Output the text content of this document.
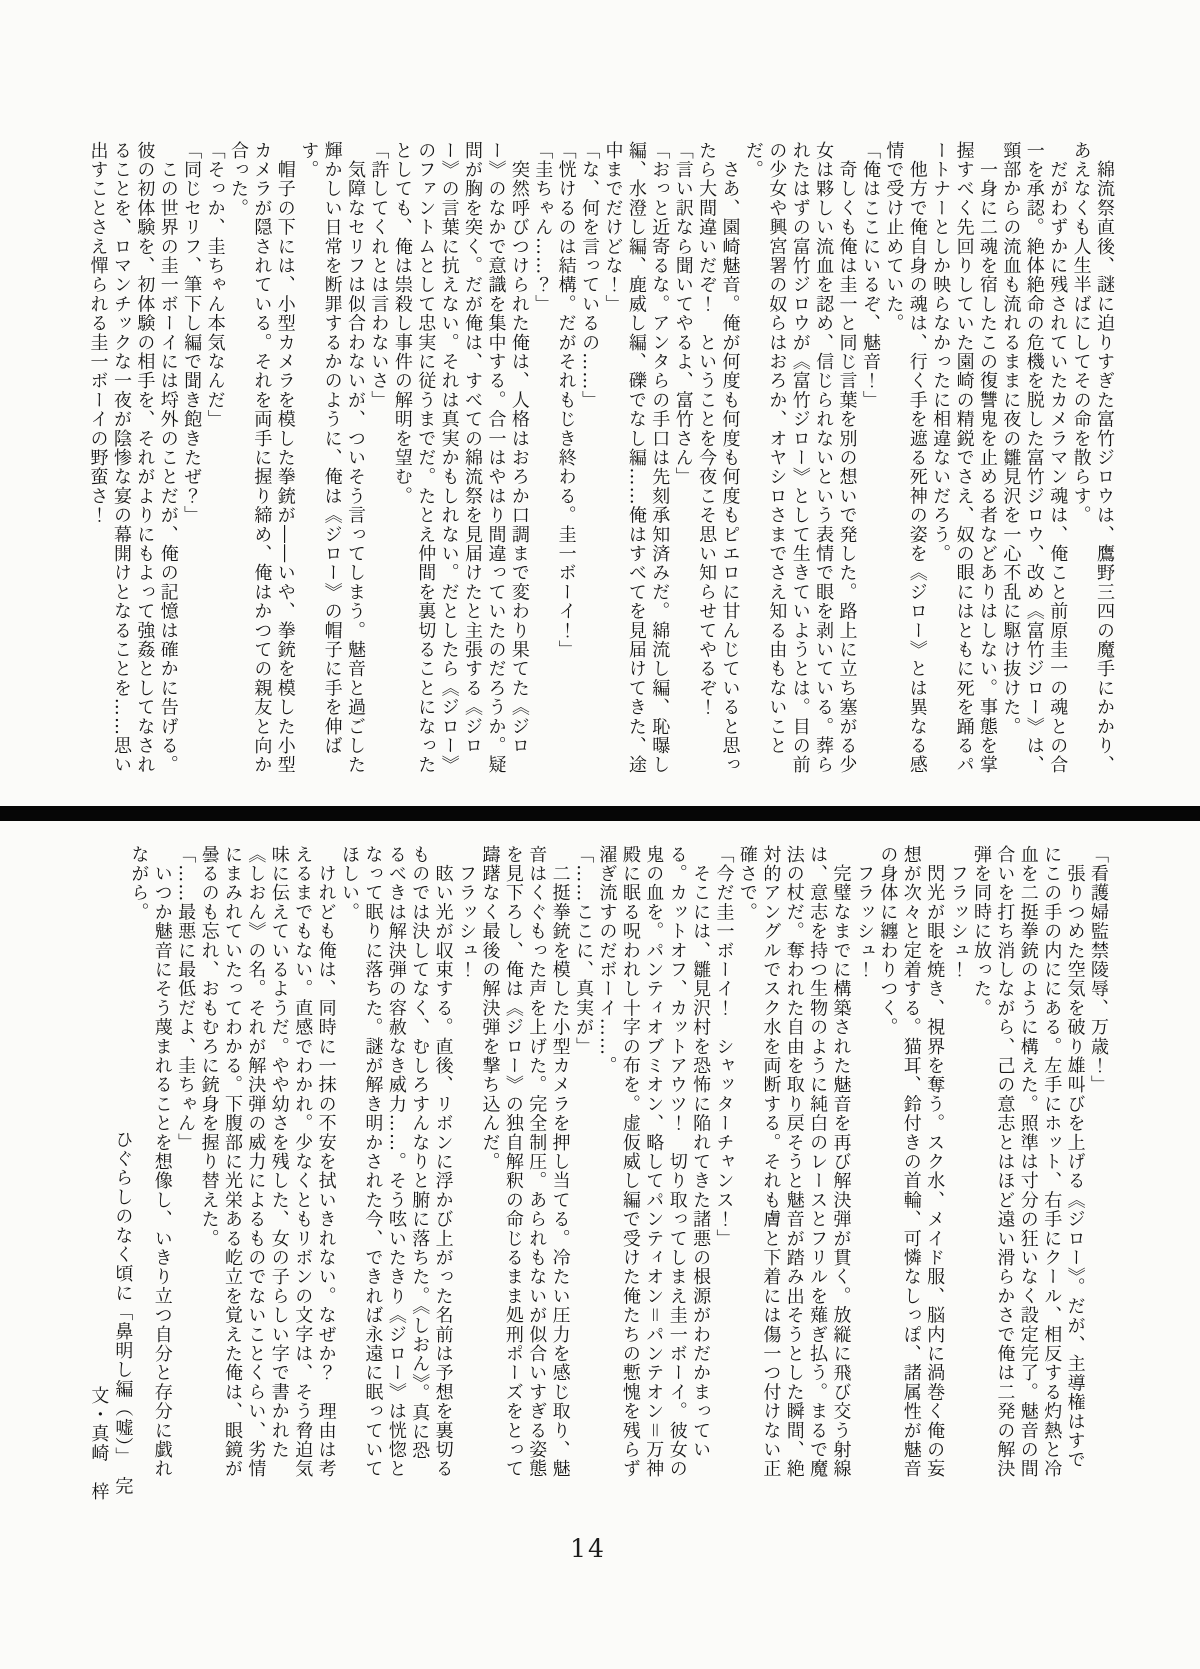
　綿流祭直後、謎に迫りすぎた富竹ジロウは、鷹野三四の魔手にかかり、あえなくも人生半ばにしてその命を散らす。

　だがわずかに残されていたカメラマン魂は、俺こと前原圭一の魂との合一を承認。絶体絶命の危機を脱した富竹ジロウ、改め《富竹ジロー》は、頸部からの流血も流れるままに夜の雛見沢を一心不乱に駆け抜けた。

　一身に二魂を宿したこの復讐鬼を止める者などありはしない。事態を掌握すべく先回りしていた園崎の精鋭でさえ、奴の眼にはともに死を踊るパートナーとしか映らなかったに相違ないだろう。

　他方で俺自身の魂は、行く手を遮る死神の姿を《ジロー》とは異なる感情で受け止めていた。

「俺はここにいるぞ、魅音！」

　奇しくも俺は圭一と同じ言葉を別の想いで発した。路上に立ち塞がる少女は夥しい流血を認め、信じられないという表情で眼を剥いている。葬られたはずの富竹ジロウが《富竹ジロー》として生きていようとは。目の前の少女や興宮署の奴らはおろか、オヤシロさまでさえ知る由もないことだ。

　さあ、園崎魅音。俺が何度も何度も何度もピエロに甘んじていると思ったら大間違いだぞ！　ということを今夜こそ思い知らせてやるぞ！

「言い訳なら聞いてやるよ、富竹さん」

「おっと近寄るな。アンタらの手口は先刻承知済みだ。綿流し編、恥曝し編、水澄し編、鹿威し編、礫でなし編……俺はすべてを見届けてきた、途中までだけどな！」

「な、何を言っているの……」

「恍けるのは結構。だがそれもじき終わる。圭一ボーイ！」

「圭ちゃん……？」

　突然呼びつけられた俺は、人格はおろか口調まで変わり果てた《ジロー》のなかで意識を集中する。合一はやはり間違っていたのだろうか。疑問が胸を突く。だが俺は、すべての綿流祭を見届けたと主張する《ジロー》の言葉に抗えない。それは真実かもしれない。だとしたら《ジロー》のファントムとして忠実に従うまでだ。たとえ仲間を裏切ることになったとしても、俺は祟殺し事件の解明を望む。

「許してくれとは言わないさ」

　気障なセリフは似合わないが、ついそう言ってしまう。魅音と過ごした輝かしい日常を断罪するかのように、俺は《ジロー》の帽子に手を伸ばす。

　帽子の下には、小型カメラを模した拳銃が――いや、拳銃を模した小型カメラが隠されている。それを両手に握り締め、俺はかつての親友と向か合った。

「そっか、圭ちゃん本気なんだ」

「同じセリフ、筆下し編で聞き飽きたぜ？」

　この世界の圭一ボーイには埒外のことだが、俺の記憶は確かに告げる。彼の初体験を、初体験の相手を、それがよりにもよって強姦としてなされることを、ロマンチックな一夜が陰惨な宴の幕開けとなることを……思い出すことさえ憚られる圭一ボーイの野蛮さ！

「看護婦監禁陵辱、万歳！」

　張りつめた空気を破り雄叫びを上げる《ジロー》。だが、主導権はすでにこの手の内ににある。左手にホット、右手にクール、相反する灼熱と冷血を二挺拳銃のように構えた。照準は寸分の狂いなく設定完了。魅音の間合いを打ち消しながら、己の意志とはほど遠い滑らかさで俺は二発の解決弾を同時に放った。

　フラッシュ！

　閃光が眼を焼き、視界を奪う。スク水、メイド服、脳内に渦巻く俺の妄想が次々と定着する。猫耳、鈴付きの首輪、可憐なしっぽ、諸属性が魅音の身体に纏わりつく。

　フラッシュ！

　完璧なまでに構築された魅音を再び解決弾が貫く。放縦に飛び交う射線は、意志を持つ生物のように純白のレースとフリルを薙ぎ払う。まるで魔法の杖だ。奪われた自由を取り戻そうと魅音が踏み出そうとした瞬間、絶対的アングルでスク水を両断する。それも膚と下着には傷一つ付けない正確さで。

「今だ圭一ボーイ！　シャッターチャンス！」

　そこには、雛見沢村を恐怖に陥れてきた諸悪の根源がわだかまっている。カットオフ、カットアウツ！　切り取ってしまえ圭一ボーイ。彼女の鬼の血を。パンティオブミオン、略してパンティオン＝パンテオン＝万神殿に眠る呪われし十字の布を。虚仮威し編で受けた俺たちの慙愧を残らず濯ぎ流すのだボーイ……。

「……ここに、真実が」

　二挺拳銃を模した小型カメラを押し当てる。冷たい圧力を感じ取り、魅音はくぐもった声を上げた。完全制圧。あられもないが似合いすぎる姿態を見下ろし、俺は《ジロー》の独自解釈の命じるまま処刑ポーズをとって躊躇なく最後の解決弾を撃ち込んだ。

　フラッシュ！

　眩い光が収束する。直後、リボンに浮かび上がった名前は予想を裏切るものでは決してなく、むしろすんなりと腑に落ちた。《しおん》。真に恐るべきは解決弾の容赦なき威力……。そう呟いたきり《ジロー》は恍惚となって眠りに落ちた。謎が解き明かされた今、できれば永遠に眠っていてほしい。

　けれども俺は、同時に一抹の不安を拭いきれない。なぜか？　理由は考えるまでもない。直感でわかれ。少なくともリボンの文字は、そう脅迫気味に伝えているようだ。やや幼さを残した、女の子らしい字で書かれた《しおん》の名。それが解決弾の威力によるものでないことくらい、劣情にまみれていたってわかる。下腹部に光栄ある屹立を覚えた俺は、眼鏡が曇るのも忘れ、おもむろに銃身を握り替えた。

「……最悪に最低だよ、圭ちゃん」

　いつか魅音にそう蔑まれることを想像し、いきり立つ自分と存分に戯れながら。

ひぐらしのなく頃に「鼻明し編（嘘）」　完
文・真崎　梓
14
